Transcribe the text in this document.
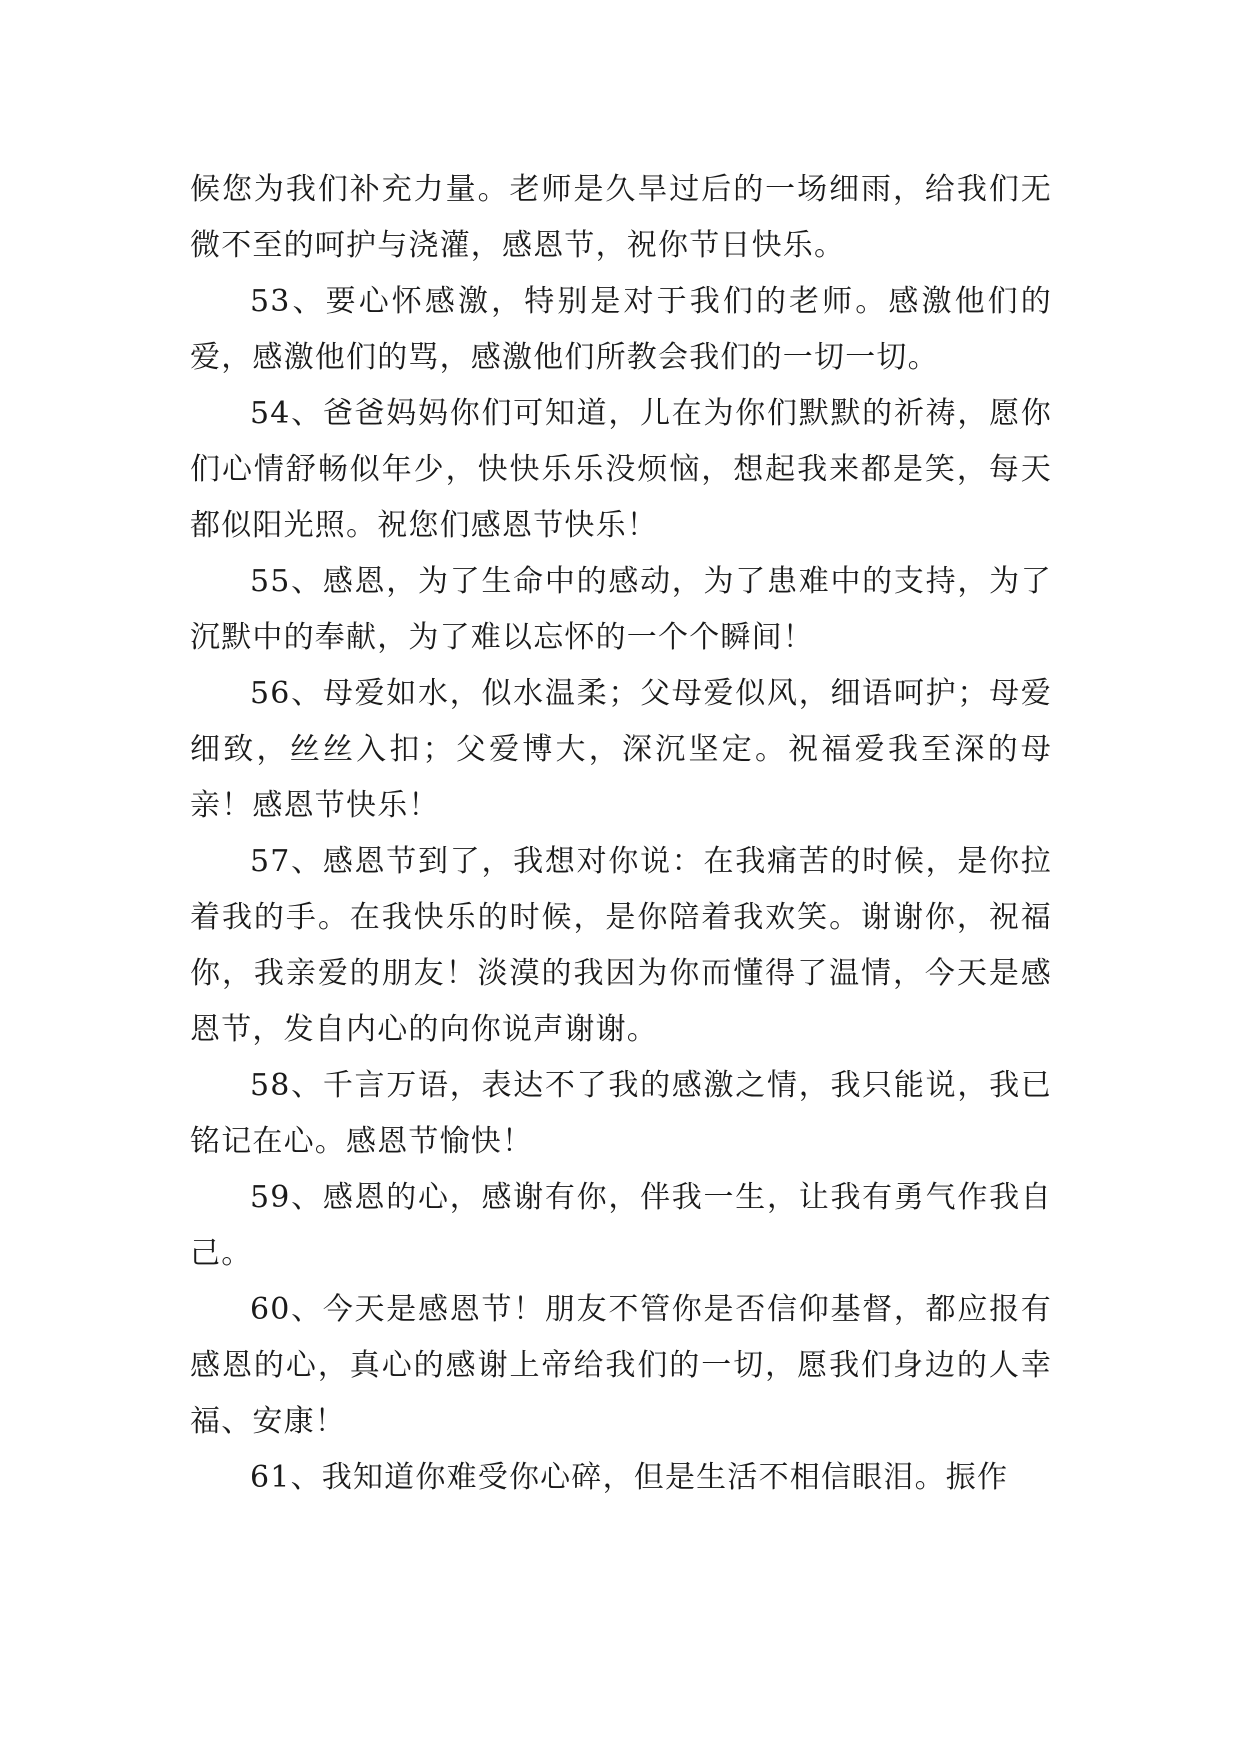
候您为我们补充力量。老师是久旱过后的一场细雨，给我们无微不至的呵护与浇灌，感恩节，祝你节日快乐。

53、要心怀感激，特别是对于我们的老师。感激他们的爱，感激他们的骂，感激他们所教会我们的一切一切。

54、爸爸妈妈你们可知道，儿在为你们默默的祈祷，愿你们心情舒畅似年少，快快乐乐没烦恼，想起我来都是笑，每天都似阳光照。祝您们感恩节快乐！

55、感恩，为了生命中的感动，为了患难中的支持，为了沉默中的奉献，为了难以忘怀的一个个瞬间！

56、母爱如水，似水温柔；父母爱似风，细语呵护；母爱细致，丝丝入扣；父爱博大，深沉坚定。祝福爱我至深的母亲！感恩节快乐！

57、感恩节到了，我想对你说：在我痛苦的时候，是你拉着我的手。在我快乐的时候，是你陪着我欢笑。谢谢你，祝福你，我亲爱的朋友！淡漠的我因为你而懂得了温情，今天是感恩节，发自内心的向你说声谢谢。

58、千言万语，表达不了我的感激之情，我只能说，我已铭记在心。感恩节愉快！

59、感恩的心，感谢有你，伴我一生，让我有勇气作我自己。

60、今天是感恩节！朋友不管你是否信仰基督，都应报有感恩的心，真心的感谢上帝给我们的一切，愿我们身边的人幸福、安康！

61、我知道你难受你心碎，但是生活不相信眼泪。振作
